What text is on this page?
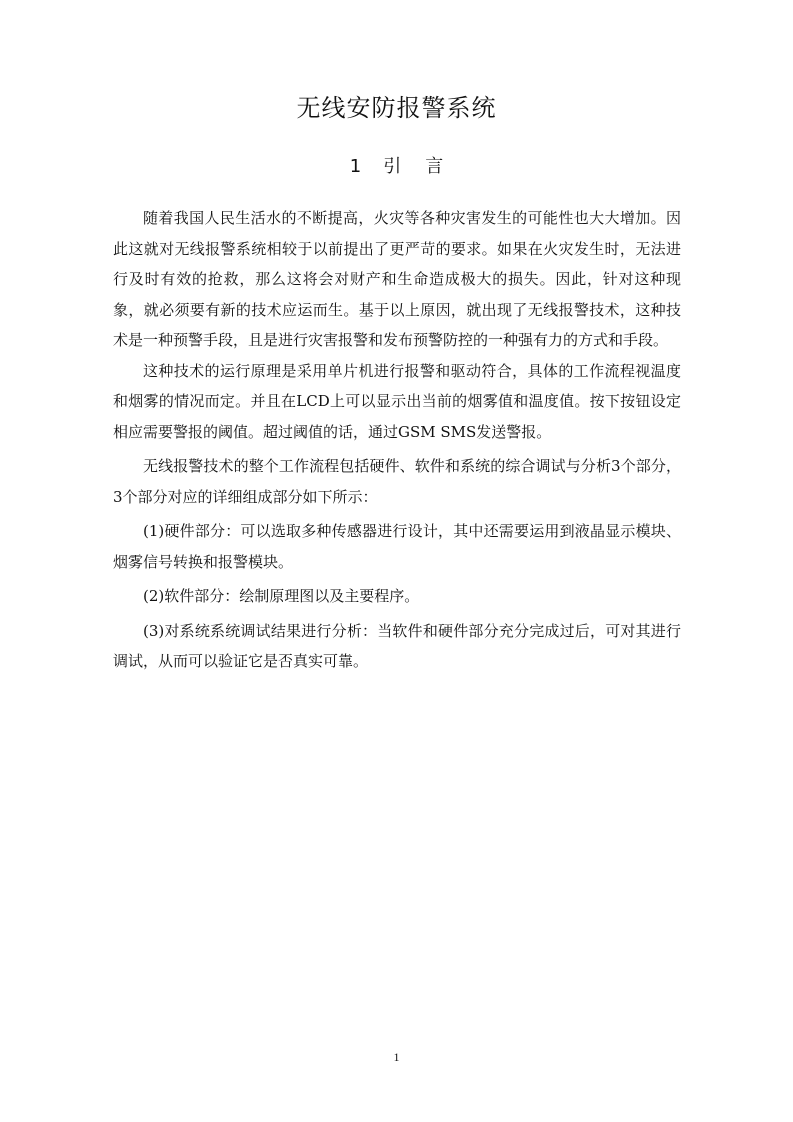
无线安防报警系统
1 引 言

随着我国人民生活水的不断提高，火灾等各种灾害发生的可能性也大大增加。因此这就对无线报警系统相较于以前提出了更严苛的要求。如果在火灾发生时，无法进行及时有效的抢救，那么这将会对财产和生命造成极大的损失。因此，针对这种现象，就必须要有新的技术应运而生。基于以上原因，就出现了无线报警技术，这种技术是一种预警手段，且是进行灾害报警和发布预警防控的一种强有力的方式和手段。

这种技术的运行原理是采用单片机进行报警和驱动符合，具体的工作流程视温度和烟雾的情况而定。并且在LCD上可以显示出当前的烟雾值和温度值。按下按钮设定相应需要警报的阈值。超过阈值的话，通过GSM SMS发送警报。

无线报警技术的整个工作流程包括硬件、软件和系统的综合调试与分析3个部分，3个部分对应的详细组成部分如下所示：

(1)硬件部分：可以选取多种传感器进行设计，其中还需要运用到液晶显示模块、烟雾信号转换和报警模块。

(2)软件部分：绘制原理图以及主要程序。

(3)对系统系统调试结果进行分析：当软件和硬件部分充分完成过后，可对其进行调试，从而可以验证它是否真实可靠。

1
